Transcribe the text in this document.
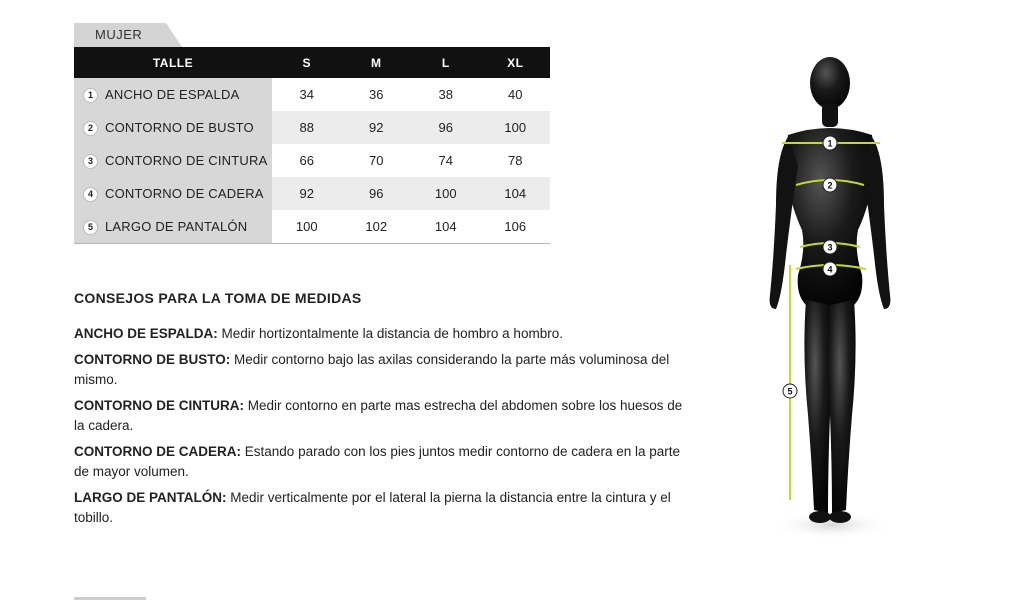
MUJER
TALLE	S	M	L	XL
1 ANCHO DE ESPALDA	34	36	38	40
2 CONTORNO DE BUSTO	88	92	96	100
3 CONTORNO DE CINTURA	66	70	74	78
4 CONTORNO DE CADERA	92	96	100	104
5 LARGO DE PANTALÓN	100	102	104	106
CONSEJOS PARA LA TOMA DE MEDIDAS
ANCHO DE ESPALDA: Medir hortizontalmente la distancia de hombro a hombro.
CONTORNO DE BUSTO: Medir contorno bajo las axilas considerando la parte más voluminosa del mismo.
CONTORNO DE CINTURA: Medir contorno en parte mas estrecha del abdomen sobre los huesos de la cadera.
CONTORNO DE CADERA: Estando parado con los pies juntos medir contorno de cadera en la parte de mayor volumen.
LARGO DE PANTALÓN: Medir verticalmente por el lateral la pierna la distancia entre la cintura y el tobillo.
1
2
3
4
5
